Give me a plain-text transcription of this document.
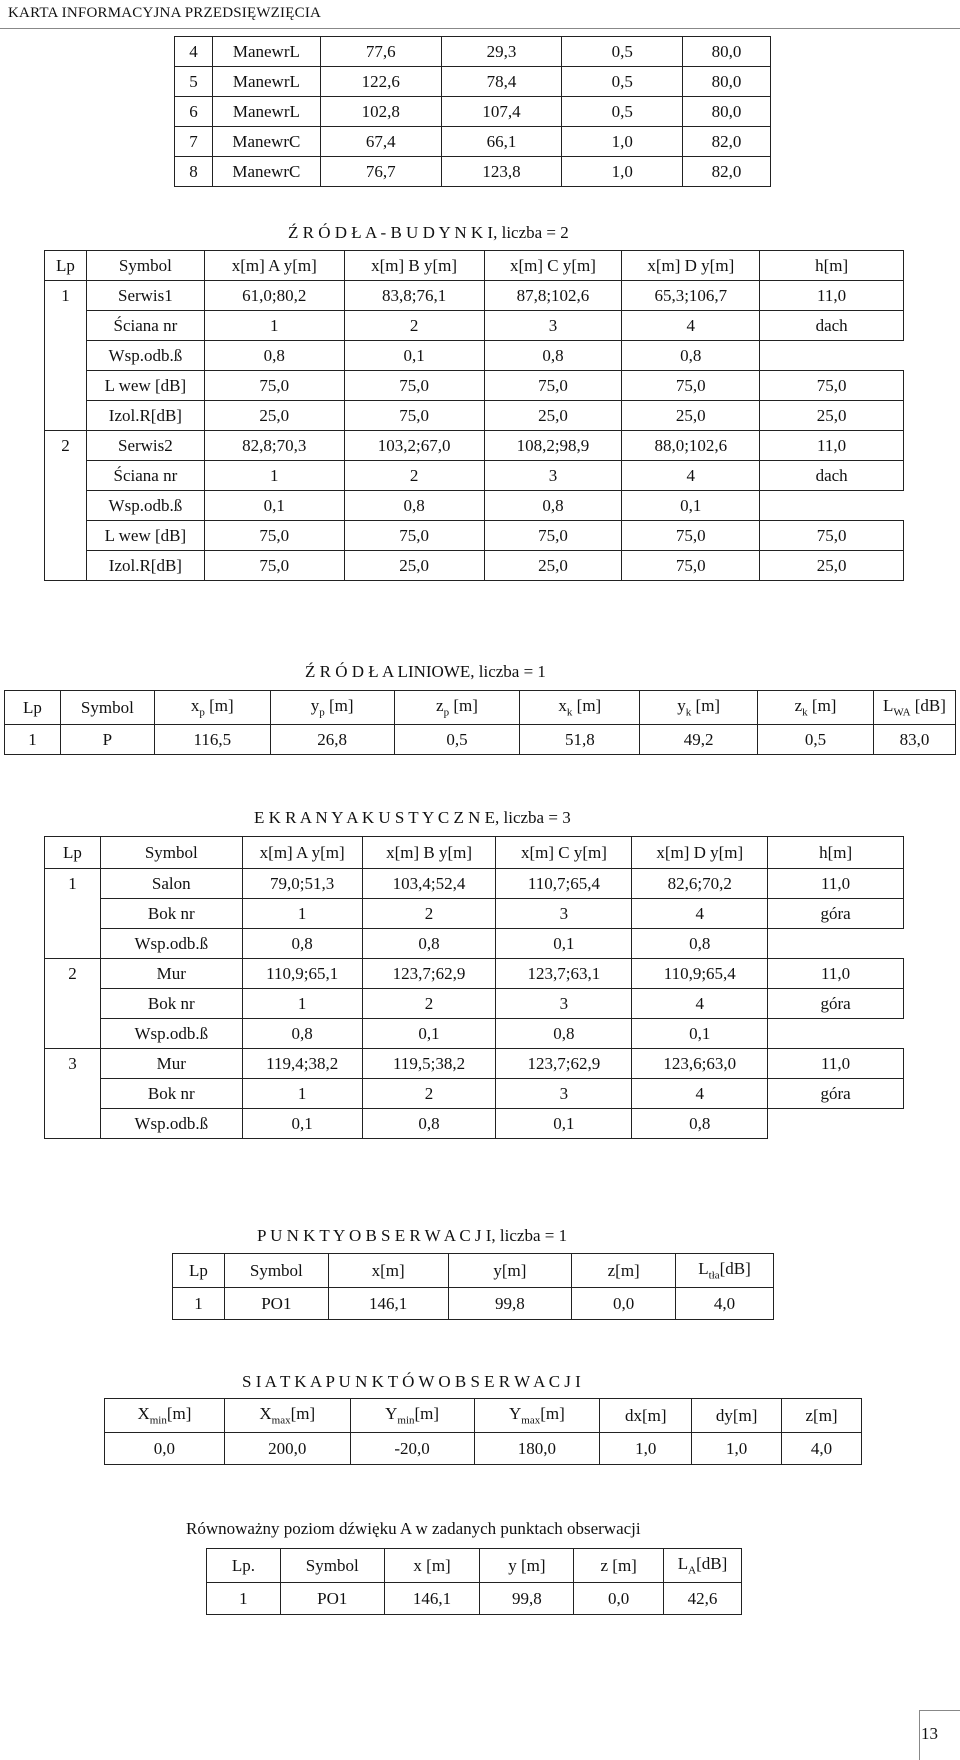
KARTA INFORMACYJNA PRZEDSIĘWZIĘCIA
4	ManewrL	77,6	29,3	0,5	80,0
5	ManewrL	122,6	78,4	0,5	80,0
6	ManewrL	102,8	107,4	0,5	80,0
7	ManewrC	67,4	66,1	1,0	82,0
8	ManewrC	76,7	123,8	1,0	82,0
Ź R Ó D Ł A - B U D Y N K I, liczba = 2
Lp	Symbol	x[m] A y[m]	x[m] B y[m]	x[m] C y[m]	x[m] D y[m]	h[m]
1	Serwis1	61,0;80,2	83,8;76,1	87,8;102,6	65,3;106,7	11,0
	Ściana nr	1	2	3	4	dach
	Wsp.odb.ß	0,8	0,1	0,8	0,8	
	L wew [dB]	75,0	75,0	75,0	75,0	75,0
	Izol.R[dB]	25,0	75,0	25,0	25,0	25,0
2	Serwis2	82,8;70,3	103,2;67,0	108,2;98,9	88,0;102,6	11,0
	Ściana nr	1	2	3	4	dach
	Wsp.odb.ß	0,1	0,8	0,8	0,1	
	L wew [dB]	75,0	75,0	75,0	75,0	75,0
	Izol.R[dB]	75,0	25,0	25,0	75,0	25,0
Ź R Ó D Ł A LINIOWE, liczba = 1
Lp	Symbol	$x_p$ [m]	$y_p$ [m]	$z_p$ [m]	$x_k$ [m]	$y_k$ [m]	$z_k$ [m]	$L_{WA}$ [dB]
1	P	116,5	26,8	0,5	51,8	49,2	0,5	83,0
E K R A N Y A K U S T Y C Z N E, liczba = 3
Lp	Symbol	x[m] A y[m]	x[m] B y[m]	x[m] C y[m]	x[m] D y[m]	h[m]
1	Salon	79,0;51,3	103,4;52,4	110,7;65,4	82,6;70,2	11,0
	Bok nr	1	2	3	4	góra
	Wsp.odb.ß	0,8	0,8	0,1	0,8	
2	Mur	110,9;65,1	123,7;62,9	123,7;63,1	110,9;65,4	11,0
	Bok nr	1	2	3	4	góra
	Wsp.odb.ß	0,8	0,1	0,8	0,1	
3	Mur	119,4;38,2	119,5;38,2	123,7;62,9	123,6;63,0	11,0
	Bok nr	1	2	3	4	góra
	Wsp.odb.ß	0,1	0,8	0,1	0,8	
P U N K T Y O B S E R W A C J I, liczba = 1
Lp	Symbol	x[m]	y[m]	z[m]	$L_{tła}[dB]$
1	PO1	146,1	99,8	0,0	4,0
S I A T K A P U N K T Ó W O B S E R W A C J I
$X_{min}[m]$	$X_{max}[m]$	$Y_{min}[m]$	$Y_{max}[m]$	dx[m]	dy[m]	z[m]
0,0	200,0	-20,0	180,0	1,0	1,0	4,0
Równoważny poziom dźwięku A w zadanych punktach obserwacji
Lp.	Symbol	x [m]	y [m]	z [m]	$L_A[dB]$
1	PO1	146,1	99,8	0,0	42,6
13
